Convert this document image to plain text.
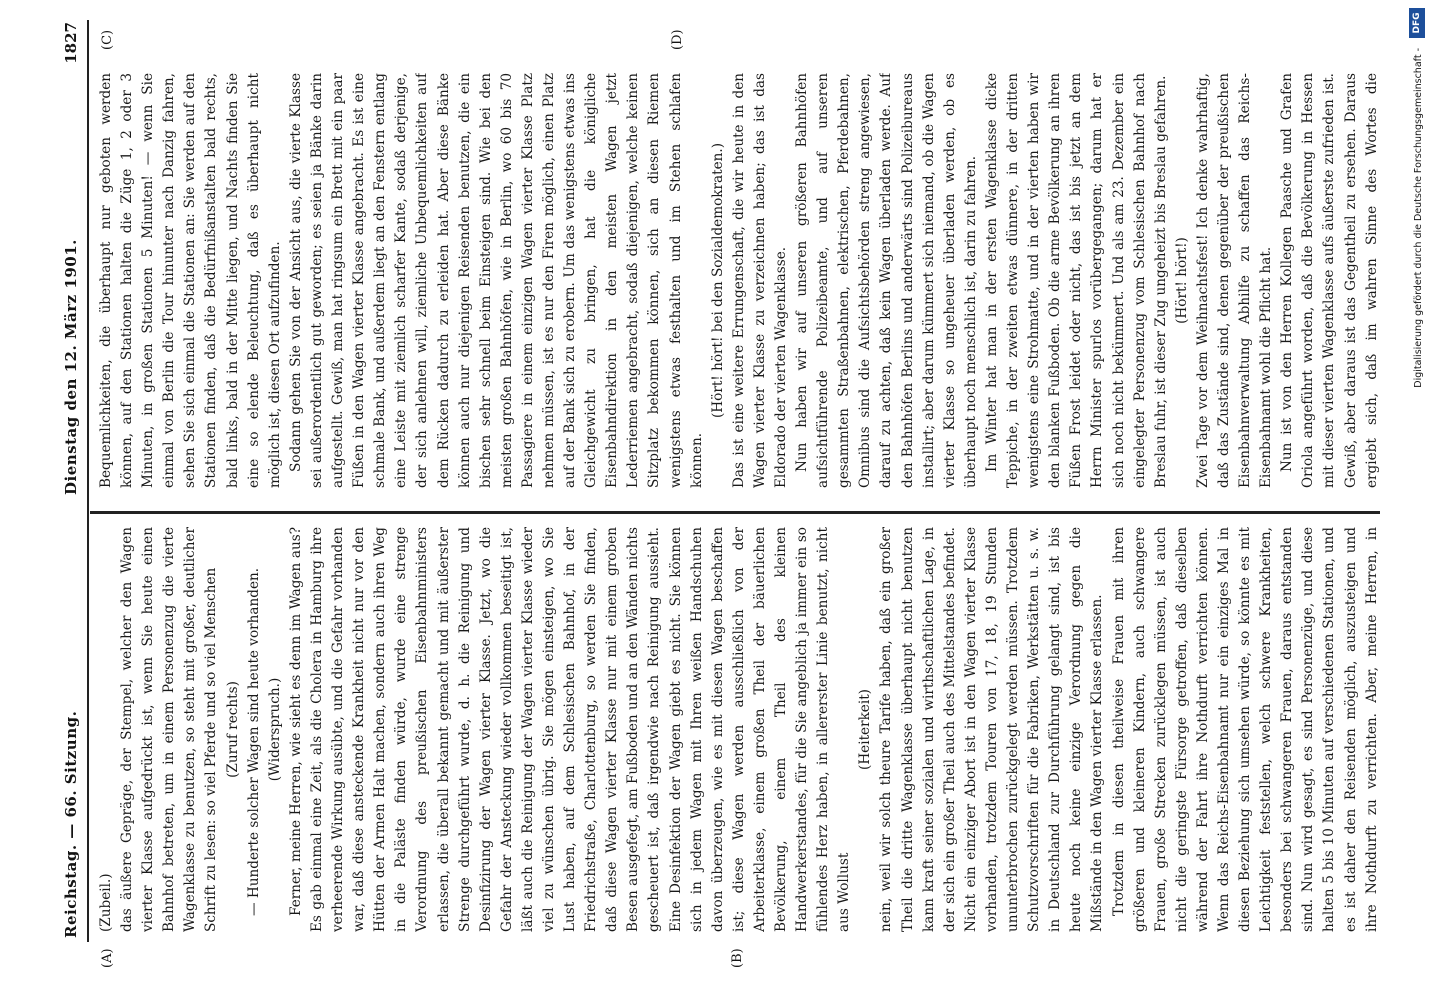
Reichstag. — 66. Sitzung.
Dienstag den 12. März 1901.
1827
(A)	(B)
(C)	(D)

(Zubeil.) das äußere Gepräge, der Stempel, welcher den Wagen vierter Klasse aufgedrückt ist, wenn Sie heute einen Bahnhof betreten, um in einem Personenzug die vierte Wagenklasse zu benutzen, so steht mit großer, deutlicher Schrift zu lesen: so viel Pferde und so viel Menschen (Zuruf rechts) — Hunderte solcher Wagen sind heute vorhanden. (Widerspruch.) Ferner, meine Herren, wie sieht es denn im Wagen aus? Es gab einmal eine Zeit, als die Cholera in Hamburg ihre verheerende Wirkung ausübte, und die Gefahr vorhanden war, daß diese ansteckende Krankheit nicht nur vor den Hütten der Armen Halt machen, sondern auch ihren Weg in die Paläste finden würde, wurde eine strenge Verordnung des preußischen Eisenbahnministers erlassen, die überall bekannt gemacht und mit äußerster Strenge durchgeführt wurde, d. h. die Reinigung und Desinfizirung der Wagen vierter Klasse. Jetzt, wo die Gefahr der Ansteckung wieder vollkommen beseitigt ist, läßt auch die Reinigung der Wagen vierter Klasse wieder viel zu wünschen übrig. Sie mögen einsteigen, wo Sie Lust haben, auf dem Schlesischen Bahnhof, in der Friedrichstraße, Charlottenburg, so werden Sie finden, daß diese Wagen vierter Klasse nur mit einem groben Besen ausgefegt, am Fußboden und an den Wänden nichts gescheuert ist, daß irgendwie nach Reinigung aussieht. Eine Desinfektion der Wagen giebt es nicht. Sie können sich in jedem Wagen mit Ihren weißen Handschuhen davon überzeugen, wie es mit diesen Wagen beschaffen ist; diese Wagen werden ausschließlich von der Arbeiterklasse, einem großen Theil der bäuerlichen Bevölkerung, einem Theil des kleinen Handwerkerstandes, für die Sie angeblich ja immer ein so fühlendes Herz haben, in allererster Linie benutzt, nicht aus Wollust

(Heiterkeit) nein, weil wir solch theure Tarife haben, daß ein großer Theil die dritte Wagenklasse überhaupt nicht benutzen kann kraft seiner sozialen und wirthschaftlichen Lage, in der sich ein großer Theil auch des Mittelstandes befindet. Nicht ein einziger Abort ist in den Wagen vierter Klasse vorhanden, trotzdem Touren von 17, 18, 19 Stunden ununterbrochen zurückgelegt werden müssen. Trotzdem Schutzvorschriften für die Fabriken, Werkstätten u. s. w. in Deutschland zur Durchführung gelangt sind, ist bis heute noch keine einzige Verordnung gegen die Mißstände in den Wagen vierter Klasse erlassen. Trotzdem in diesen theilweise Frauen mit ihren größeren und kleineren Kindern, auch schwangere Frauen, große Strecken zurücklegen müssen, ist auch nicht die geringste Fürsorge getroffen, daß dieselben während der Fahrt ihre Nothdurft verrichten können. Wenn das Reichs-Eisenbahnamt nur ein einziges Mal in diesen Beziehung sich umsehen würde, so könnte es mit Leichtigkeit feststellen, welch schwere Krankheiten, besonders bei schwangeren Frauen, daraus entstanden sind. Nun wird gesagt, es sind Personenzüge, und diese halten 5 bis 10 Minuten auf verschiedenen Stationen, und es ist daher den Reisenden möglich, auszusteigen und ihre Nothdurft zu verrichten. Aber, meine Herren, in

Bequemlichkeiten, die überhaupt nur geboten werden können, auf den Stationen halten die Züge 1, 2 oder 3 Minuten, in großen Stationen 5 Minuten! — wenn Sie einmal von Berlin die Tour hinunter nach Danzig fahren, sehen Sie sich einmal die Stationen an: Sie werden auf den Stationen finden, daß die Bedürfnißanstalten bald rechts, bald links, bald in der Mitte liegen, und Nachts finden Sie eine so elende Beleuchtung, daß es überhaupt nicht möglich ist, diesen Ort aufzufinden. Sodann gehen Sie von der Ansicht aus, die vierte Klasse sei außerordentlich gut geworden; es seien ja Bänke darin aufgestellt. Gewiß, man hat ringsum ein Brett mit ein paar Füßen in den Wagen vierter Klasse angebracht. Es ist eine schmale Bank, und außerdem liegt an den Fenstern entlang eine Leiste mit ziemlich scharfer Kante, sodaß derjenige, der sich anlehnen will, ziemliche Unbequemlichkeiten auf dem Rücken dadurch zu erleiden hat. Aber diese Bänke können auch nur diejenigen Reisenden benutzen, die ein bischen sehr schnell beim Einsteigen sind. Wie bei den meisten großen Bahnhöfen, wie in Berlin, wo 60 bis 70 Passagiere in einem einzigen Wagen vierter Klasse Platz nehmen müssen, ist es nur den Firen möglich, einen Platz auf der Bank sich zu erobern. Um das wenigstens etwas ins Gleichgewicht zu bringen, hat die königliche Eisenbahndirektion in den meisten Wagen jetzt Lederriemen angebracht, sodaß diejenigen, welche keinen Sitzplatz bekommen können, sich an diesen Riemen wenigstens etwas festhalten und im Stehen schlafen können.

(Hört! hört! bei den Sozialdemokraten.) Das ist eine weitere Errungenschaft, die wir heute in den Wagen vierter Klasse zu verzeichnen haben; das ist das Eldorado der vierten Wagenklasse. Nun haben wir auf unseren größeren Bahnhöfen aufsichtführende Polizeibeamte, und auf unseren gesammten Straßenbahnen, elektrischen, Pferdebahnen, Omnibus sind die Aufsichtsbehörden streng angewiesen, darauf zu achten, daß kein Wagen überladen werde. Auf den Bahnhöfen Berlins und anderwärts sind Polizeibureaus installirt; aber darum kümmert sich niemand, ob die Wagen vierter Klasse so ungeheuer überladen werden, ob es überhaupt noch menschlich ist, darin zu fahren. Im Winter hat man in der ersten Wagenklasse dicke Teppiche, in der zweiten etwas dünnere, in der dritten wenigstens eine Strohmatte, und in der vierten haben wir den blanken Fußboden. Ob die arme Bevölkerung an ihren Füßen Frost leidet oder nicht, das ist bis jetzt an dem Herrn Minister spurlos vorübergegangen; darum hat er sich noch nicht bekümmert. Und als am 23. Dezember ein eingelegter Personenzug vom Schlesischen Bahnhof nach Breslau fuhr, ist dieser Zug ungeheizt bis Breslau gefahren. (Hört! hört!) Zwei Tage vor dem Weihnachtsfest! Ich denke wahrhaftig, daß das Zustände sind, denen gegenüber der preußischen Eisenbahnverwaltung Abhilfe zu schaffen das Reichs-Eisenbahnamt wohl die Pflicht hat. Nun ist von den Herren Kollegen Paasche und Grafen Oriola angeführt worden, daß die Bevölkerung in Hessen mit dieser vierten Wagenklasse aufs äußerste zufrieden ist. Gewiß, aber daraus ist das Gegentheil zu ersehen. Daraus ergiebt sich, daß im wahren Sinne des Wortes die	Digitalisierung gefördert durch die Deutsche Forschungsgemeinschaft -
DFG
